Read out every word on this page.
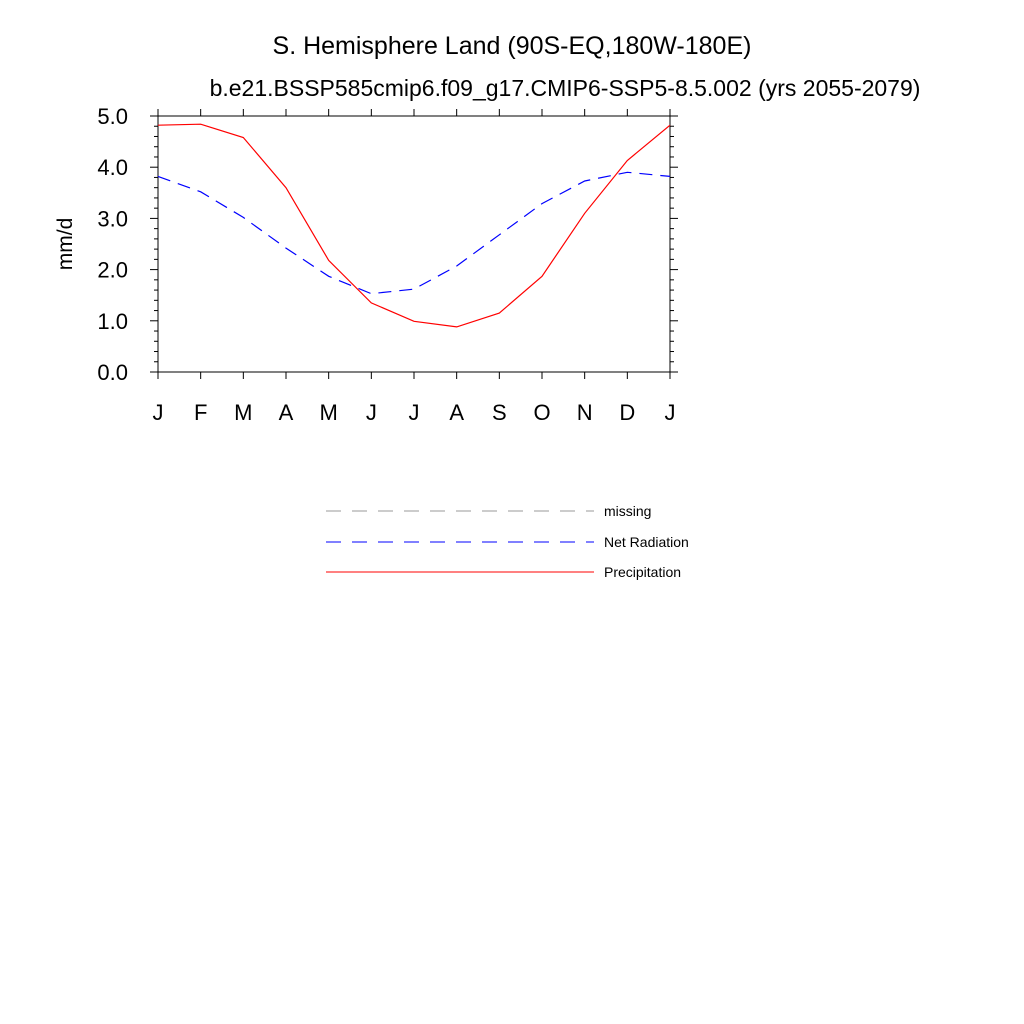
S. Hemisphere Land (90S-EQ,180W-180E)
b.e21.BSSP585cmip6.f09_g17.CMIP6-SSP5-8.5.002 (yrs 2055-2079)
mm/d
J F M A M J J A S O N D J
0.0
1.0
2.0
3.0
4.0
5.0
missing
Net Radiation
Precipitation
